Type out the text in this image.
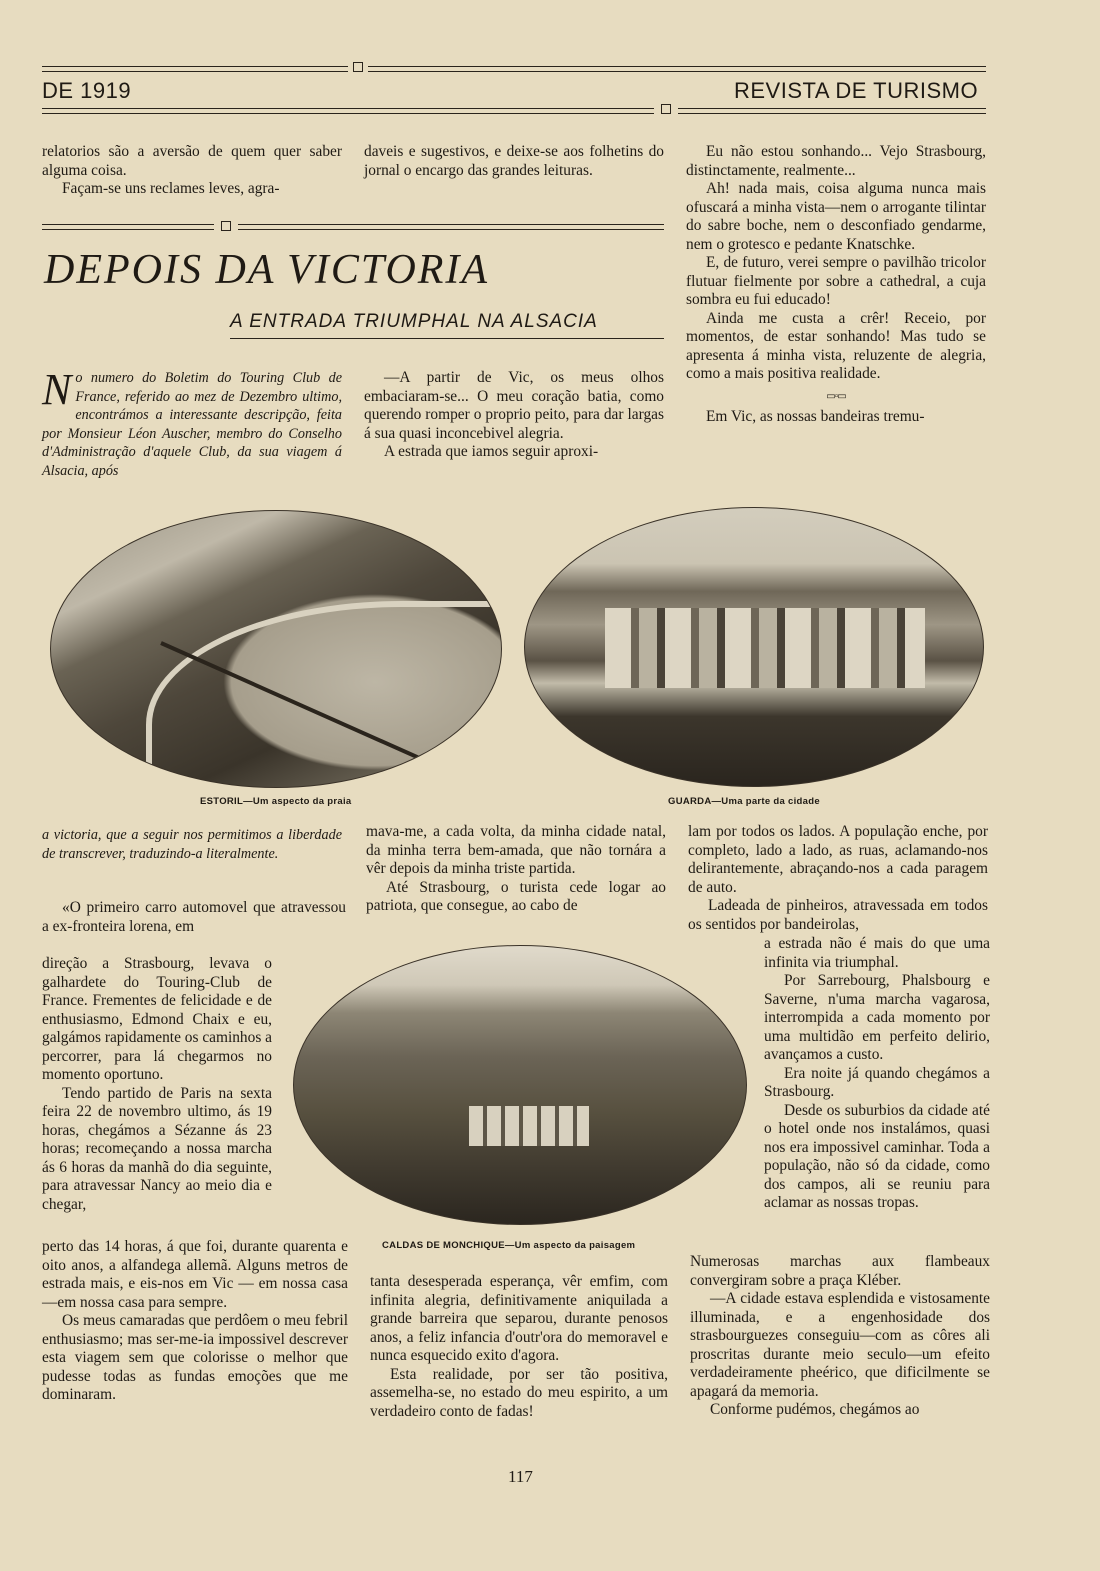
DE 1919	REVISTA DE TURISMO

relatorios são a aversão de quem quer saber alguma coisa.

Façam-se uns reclames leves, agra-

daveis e sugestivos, e deixe-se aos folhetins do jornal o encargo das grandes leituras.

Eu não estou sonhando... Vejo Strasbourg, distinctamente, realmente...

Ah! nada mais, coisa alguma nunca mais ofuscará a minha vista—nem o arrogante tilintar do sabre boche, nem o desconfiado gendarme, nem o grotesco e pedante Knatschke.

E, de futuro, verei sempre o pavilhão tricolor flutuar fielmente por sobre a cathedral, a cuja sombra eu fui educado!

Ainda me custa a crêr! Receio, por momentos, de estar sonhando! Mas tudo se apresenta á minha vista, reluzente de alegria, como a mais positiva realidade.

▭▫▭

Em Vic, as nossas bandeiras tremu-

DEPOIS DA VICTORIA
A ENTRADA TRIUMPHAL NA ALSACIA
N o numero do Boletim do Touring Club de France, referido ao mez de Dezembro ultimo, encontrámos a interessante descripção, feita por Monsieur Léon Auscher, membro do Conselho d'Administração d'aquele Club, da sua viagem á Alsacia, após

—A partir de Vic, os meus olhos embaciaram-se... O meu coração batia, como querendo romper o proprio peito, para dar largas á sua quasi inconcebivel alegria.

A estrada que iamos seguir aproxi-

ESTORIL—Um aspecto da praia	GUARDA—Uma parte da cidade
CALDAS DE MONCHIQUE—Um aspecto da paisagem
a victoria, que a seguir nos permitimos a liberdade de transcrever, traduzindo-a literalmente.

«O primeiro carro automovel que atravessou a ex-fronteira lorena, em

direção a Strasbourg, levava o galhardete do Touring-Club de France. Frementes de felicidade e de enthusiasmo, Edmond Chaix e eu, galgámos rapidamente os caminhos a percorrer, para lá chegarmos no momento oportuno.

Tendo partido de Paris na sexta feira 22 de novembro ultimo, ás 19 horas, chegámos a Sézanne ás 23 horas; recomeçando a nossa marcha ás 6 horas da manhã do dia seguinte, para atravessar Nancy ao meio dia e chegar,

perto das 14 horas, á que foi, durante quarenta e oito anos, a alfandega allemã. Alguns metros de estrada mais, e eis-nos em Vic — em nossa casa—em nossa casa para sempre.

Os meus camaradas que perdôem o meu febril enthusiasmo; mas ser-me-ia impossivel descrever esta viagem sem que colorisse o melhor que pudesse todas as fundas emoções que me dominaram.

mava-me, a cada volta, da minha cidade natal, da minha terra bem-amada, que não tornára a vêr depois da minha triste partida.

Até Strasbourg, o turista cede logar ao patriota, que consegue, ao cabo de

tanta desesperada esperança, vêr emfim, com infinita alegria, definitivamente aniquilada a grande barreira que separou, durante penosos anos, a feliz infancia d'outr'ora do memoravel e nunca esquecido exito d'agora.

Esta realidade, por ser tão positiva, assemelha-se, no estado do meu espirito, a um verdadeiro conto de fadas!

lam por todos os lados. A população enche, por completo, lado a lado, as ruas, aclamando-nos delirantemente, abraçando-nos a cada paragem de auto.

Ladeada de pinheiros, atravessada em todos os sentidos por bandeirolas,

a estrada não é mais do que uma infinita via triumphal.

Por Sarrebourg, Phalsbourg e Saverne, n'uma marcha vagarosa, interrompida a cada momento por uma multidão em perfeito delirio, avançamos a custo.

Era noite já quando chegámos a Strasbourg.

Desde os suburbios da cidade até o hotel onde nos instalámos, quasi nos era impossivel caminhar. Toda a população, não só da cidade, como dos campos, ali se reuniu para aclamar as nossas tropas.

Numerosas marchas aux flambeaux convergiram sobre a praça Kléber.

—A cidade estava esplendida e vistosamente illuminada, e a engenhosidade dos strasbourguezes conseguiu—com as côres ali proscritas durante meio seculo—um efeito verdadeiramente pheérico, que dificilmente se apagará da memoria.

Conforme pudémos, chegámos ao

117
